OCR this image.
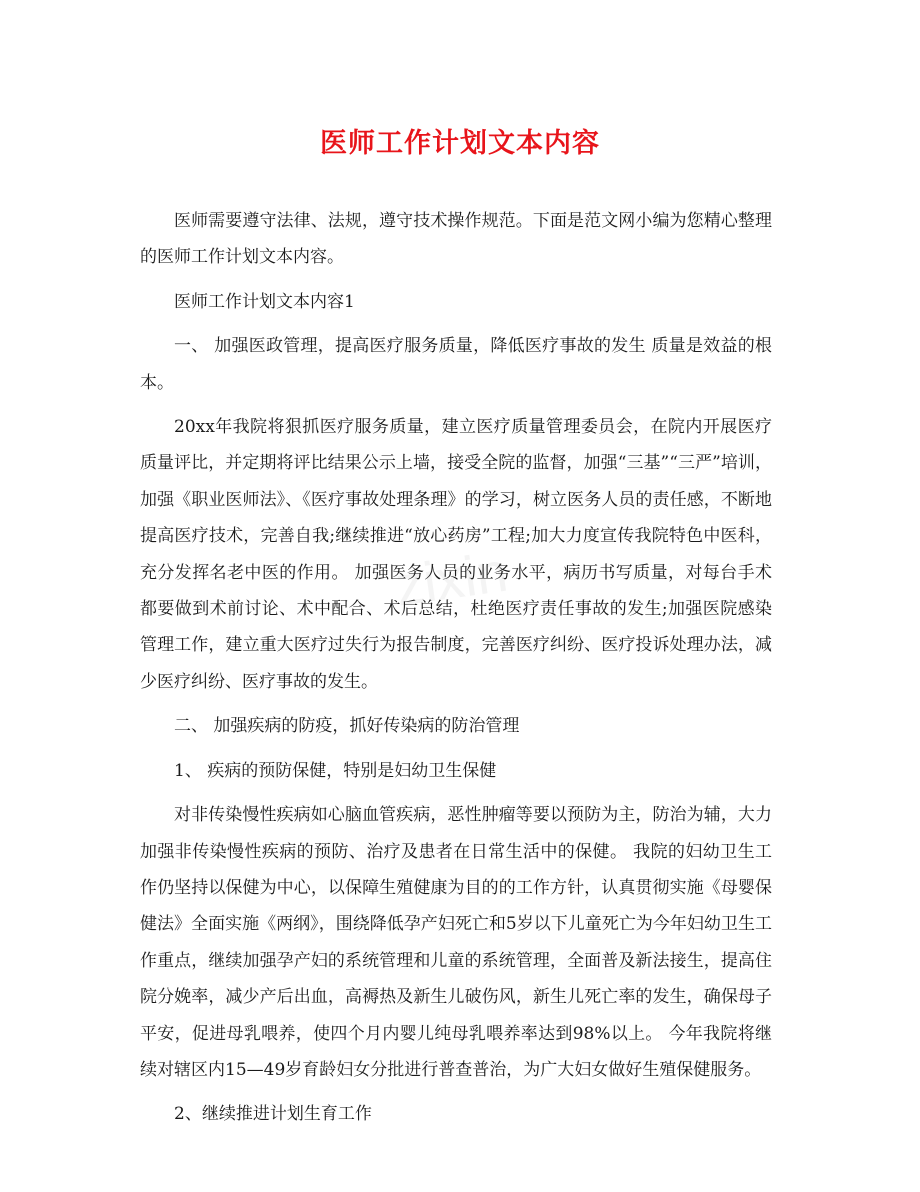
医师工作计划文本内容
zixin

医师需要遵守法律、法规，遵守技术操作规范。下面是范文网小编为您精心整理的医师工作计划文本内容。

医师工作计划文本内容1

一、 加强医政管理，提高医疗服务质量，降低医疗事故的发生 质量是效益的根本。

20xx年我院将狠抓医疗服务质量，建立医疗质量管理委员会，在院内开展医疗质量评比，并定期将评比结果公示上墙，接受全院的监督，加强“三基”“三严”培训，加强《职业医师法》、《医疗事故处理条理》的学习，树立医务人员的责任感，不断地提高医疗技术，完善自我;继续推进“放心药房”工程;加大力度宣传我院特色中医科，充分发挥名老中医的作用。 加强医务人员的业务水平，病历书写质量，对每台手术都要做到术前讨论、术中配合、术后总结，杜绝医疗责任事故的发生;加强医院感染管理工作，建立重大医疗过失行为报告制度，完善医疗纠纷、医疗投诉处理办法，减少医疗纠纷、医疗事故的发生。

二、 加强疾病的防疫，抓好传染病的防治管理

1、 疾病的预防保健，特别是妇幼卫生保健

对非传染慢性疾病如心脑血管疾病，恶性肿瘤等要以预防为主，防治为辅，大力加强非传染慢性疾病的预防、治疗及患者在日常生活中的保健。 我院的妇幼卫生工作仍坚持以保健为中心，以保障生殖健康为目的的工作方针，认真贯彻实施《母婴保健法》全面实施《两纲》，围绕降低孕产妇死亡和5岁以下儿童死亡为今年妇幼卫生工作重点，继续加强孕产妇的系统管理和儿童的系统管理，全面普及新法接生，提高住院分娩率，减少产后出血，高褥热及新生儿破伤风，新生儿死亡率的发生，确保母子平安，促进母乳喂养，使四个月内婴儿纯母乳喂养率达到98%以上。 今年我院将继续对辖区内15—49岁育龄妇女分批进行普查普治，为广大妇女做好生殖保健服务。

2、继续推进计划生育工作
